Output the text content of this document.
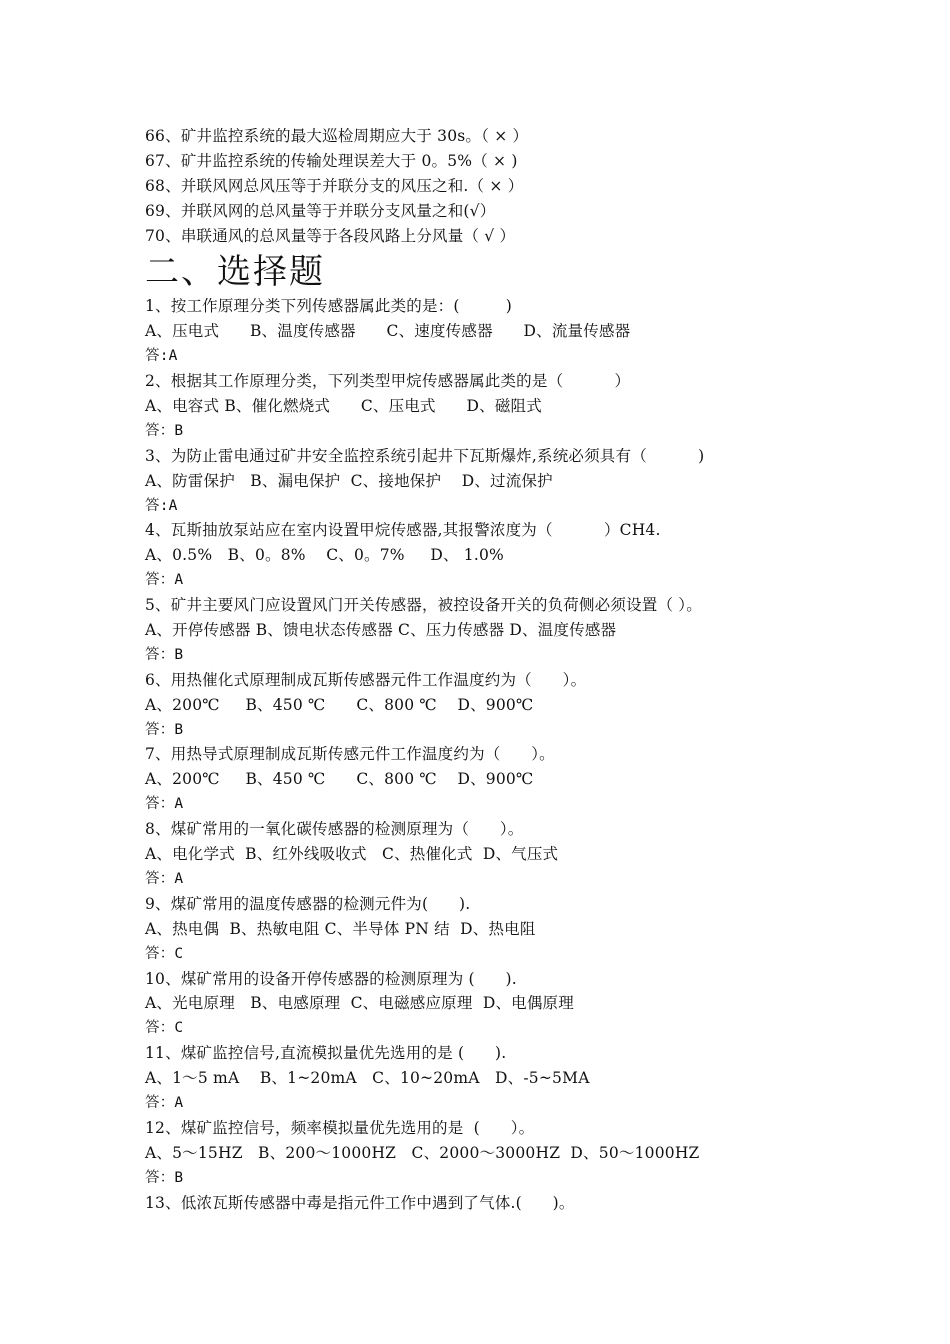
66、矿井监控系统的最大巡检周期应大于 30s。（ × ）
67、矿井监控系统的传输处理误差大于 0。5%（ × )
68、并联风网总风压等于并联分支的风压之和.（ × ）
69、并联风网的总风量等于并联分支风量之和(√）
70、串联通风的总风量等于各段风路上分风量（ √ ）
二、选择题
1、按工作原理分类下列传感器属此类的是：(         )
A、压电式      B、温度传感器      C、速度传感器      D、流量传感器
答:A
2、根据其工作原理分类，下列类型甲烷传感器属此类的是（          ）
A、电容式 B、催化燃烧式      C、压电式      D、磁阻式
答：B
3、为防止雷电通过矿井安全监控系统引起井下瓦斯爆炸,系统必须具有（          )
A、防雷保护   B、漏电保护  C、接地保护    D、过流保护
答:A
4、瓦斯抽放泵站应在室内设置甲烷传感器,其报警浓度为（          ）CH4.
A、0.5%   B、0。8%    C、0。7%     D、 1.0%
答：A
5、矿井主要风门应设置风门开关传感器，被控设备开关的负荷侧必须设置（ ）。
A、开停传感器 B、馈电状态传感器 C、压力传感器 D、温度传感器
答：B
6、用热催化式原理制成瓦斯传感器元件工作温度约为（      ）。
A、200℃     B、450 ℃      C、800 ℃    D、900℃
答：B
7、用热导式原理制成瓦斯传感元件工作温度约为（      ）。
A、200℃     B、450 ℃      C、800 ℃    D、900℃
答：A
8、煤矿常用的一氧化碳传感器的检测原理为（      ）。
A、电化学式  B、红外线吸收式   C、热催化式  D、气压式
答：A
9、煤矿常用的温度传感器的检测元件为(      ).
A、热电偶  B、热敏电阻 C、半导体 PN 结  D、热电阻
答：C
10、煤矿常用的设备开停传感器的检测原理为 (      ).
A、光电原理   B、电感原理  C、电磁感应原理  D、电偶原理
答：C
11、煤矿监控信号,直流模拟量优先选用的是 (      ).
A、1～5 mA    B、1~20mA   C、10~20mA   D、-5~5MA
答：A
12、煤矿监控信号，频率模拟量优先选用的是  (      ）。
A、5～15HZ   B、200～1000HZ   C、2000～3000HZ  D、50～1000HZ
答：B
13、低浓瓦斯传感器中毒是指元件工作中遇到了气体.(      )。
